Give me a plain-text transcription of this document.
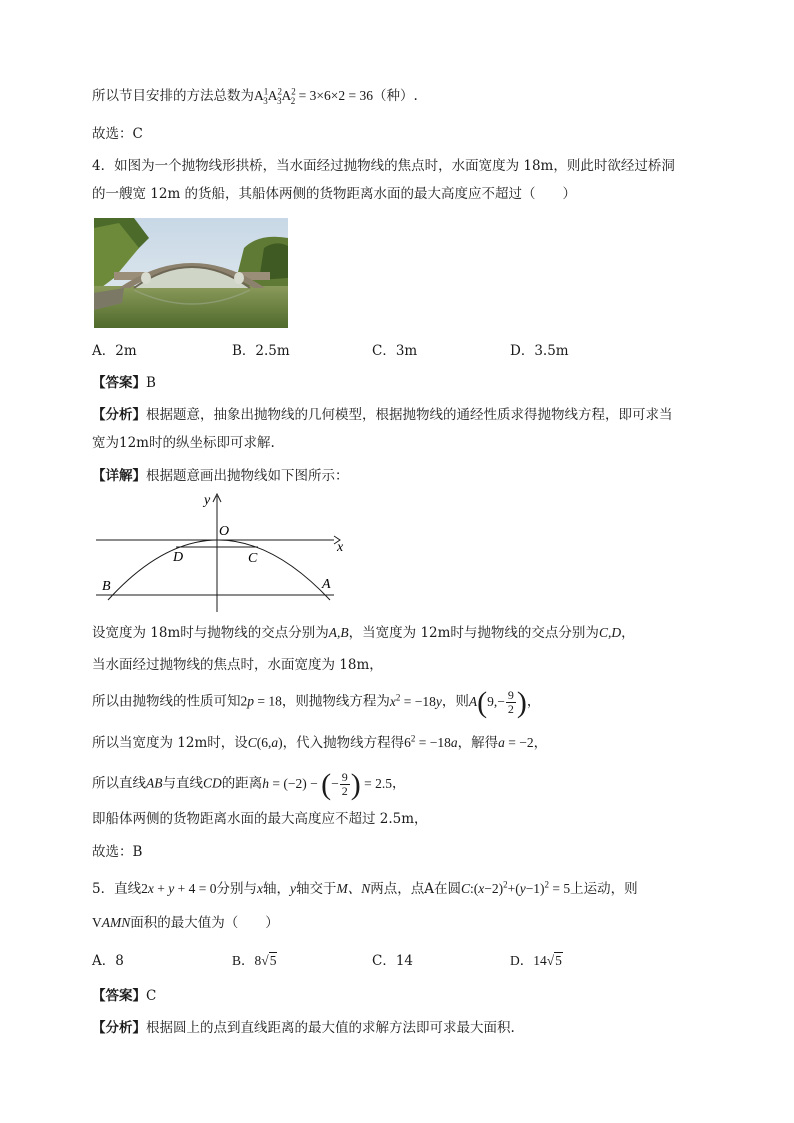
所以节目安排的方法总数为$A^1_3A^2_3A^2_2 = 3\times 6\times 2 = 36$（种）.
故选：C
4．如图为一个抛物线形拱桥，当水面经过抛物线的焦点时，水面宽度为 18m，则此时欲经过桥洞
的一艘宽 12m 的货船，其船体两侧的货物距离水面的最大高度应不超过（　　）
A．2m	B．2.5m	C．3m	D．3.5m
【答案】B
【分析】根据题意，抽象出抛物线的几何模型，根据抛物线的通经性质求得抛物线方程，即可求当
宽为12m时的纵坐标即可求解.
【详解】根据题意画出抛物线如下图所示：
y
x
O
D	C
B	A
设宽度为 18m时与抛物线的交点分别为A,B，当宽度为 12m时与抛物线的交点分别为C,D，
当水面经过抛物线的焦点时，水面宽度为 18m，
所以由抛物线的性质可知2p = 18，则抛物线方程为$x^2 = -18y$，则$A(9,- \frac{9}{2}$ )，
所以当宽度为 12m时，设C(6,a)，代入抛物线方程得$6^2 = -18a$，解得a = −2，
所以直线AB与直线CD的距离h = (−2) − (− $\frac{9}{2}$ ) = 2.5，
即船体两侧的货物距离水面的最大高度应不超过 2.5m，
故选：B
5．直线2x + y + 4 = 0分别与x轴，y轴交于M、N两点，点A在圆$C:(x-2)^2+(y-1)^2 = 5$上运动，则
VAMN面积的最大值为（　　）
A．8	B．8√5	C．14	D．14√5
【答案】C
【分析】根据圆上的点到直线距离的最大值的求解方法即可求最大面积.
